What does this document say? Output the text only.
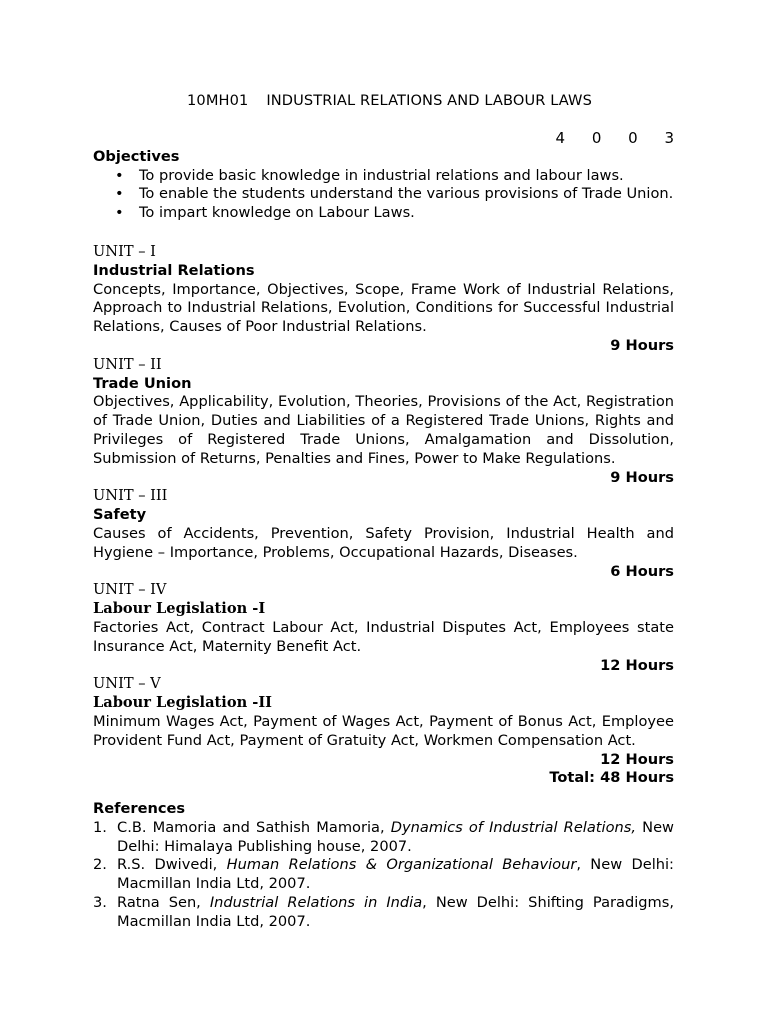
10MH01 INDUSTRIAL RELATIONS AND LABOUR LAWS
4 0 0 3
Objectives
• To provide basic knowledge in industrial relations and labour laws.
• To enable the students understand the various provisions of Trade Union.
• To impart knowledge on Labour Laws.
UNIT – I
Industrial Relations
Concepts, Importance, Objectives, Scope, Frame Work of Industrial Relations, Approach to Industrial Relations, Evolution, Conditions for Successful Industrial Relations, Causes of Poor Industrial Relations.
9 Hours
UNIT – II
Trade Union
Objectives, Applicability, Evolution, Theories, Provisions of the Act, Registration of Trade Union, Duties and Liabilities of a Registered Trade Unions, Rights and Privileges of Registered Trade Unions, Amalgamation and Dissolution, Submission of Returns, Penalties and Fines, Power to Make Regulations.
9 Hours
UNIT – III
Safety
Causes of Accidents, Prevention, Safety Provision, Industrial Health and Hygiene – Importance, Problems, Occupational Hazards, Diseases.
6 Hours
UNIT – IV
Labour Legislation -I
Factories Act, Contract Labour Act, Industrial Disputes Act, Employees state Insurance Act, Maternity Benefit Act.
12 Hours
UNIT – V
Labour Legislation -II
Minimum Wages Act, Payment of Wages Act, Payment of Bonus Act, Employee Provident Fund Act, Payment of Gratuity Act, Workmen Compensation Act.
12 Hours
Total: 48 Hours
References
1. C.B. Mamoria and Sathish Mamoria, Dynamics of Industrial Relations, New Delhi: Himalaya Publishing house, 2007.
2. R.S. Dwivedi, Human Relations & Organizational Behaviour, New Delhi: Macmillan India Ltd, 2007.
3. Ratna Sen, Industrial Relations in India, New Delhi: Shifting Paradigms, Macmillan India Ltd, 2007.
